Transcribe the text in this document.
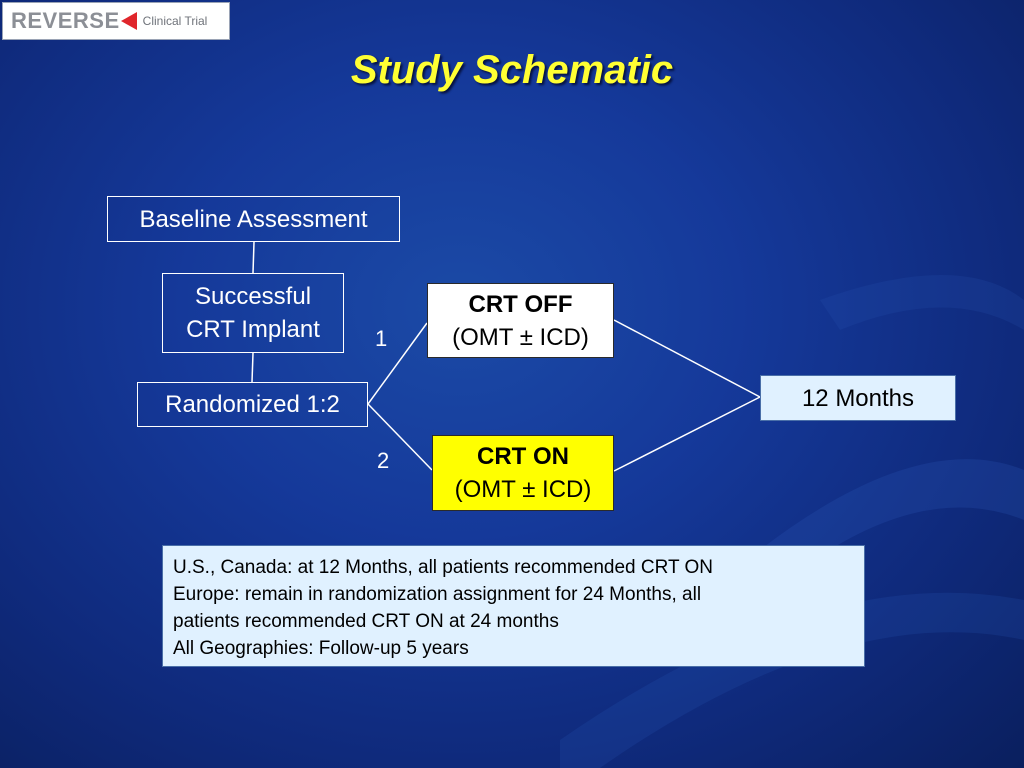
REVERSE Clinical Trial
Study Schematic
Baseline Assessment
Successful
CRT Implant
Randomized 1:2
1
2
CRT OFF
(OMT ± ICD)
CRT ON
(OMT ± ICD)
12 Months
U.S., Canada: at 12 Months, all patients recommended CRT ON
Europe: remain in randomization assignment for 24 Months, all
patients recommended CRT ON at 24 months
All Geographies: Follow-up 5 years
